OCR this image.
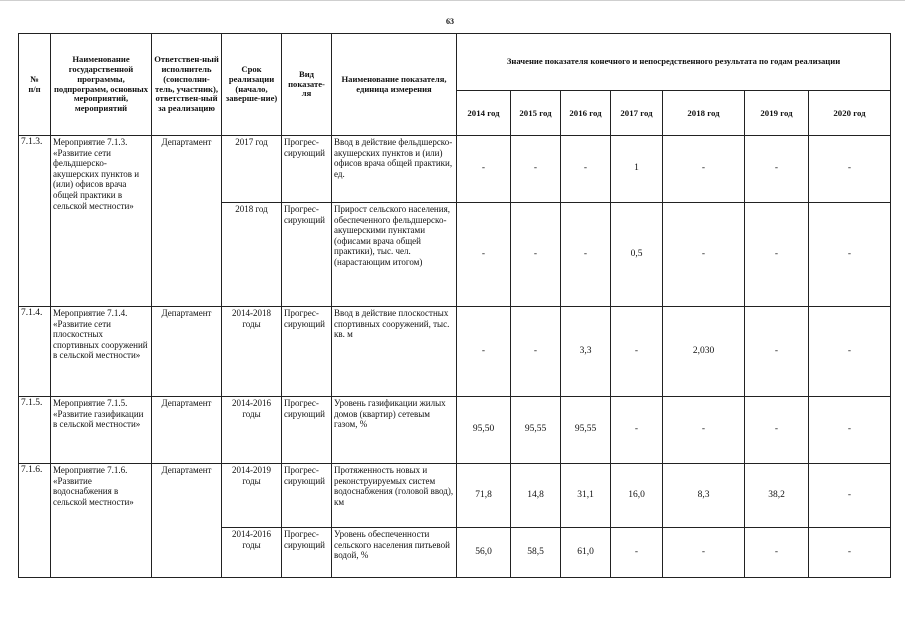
63
№
п/п	Наименование государственной программы, подпрограмм, основных мероприятий, мероприятий	Ответствен-ный исполнитель (соисполни-тель, участник), ответствен-ный за реализацию	Срок реализации (начало, заверше-ние)	Вид показате-ля	Наименование показателя, единица измерения	Значение показателя конечного и непосредственного результата по годам реализации						
						2014 год	2015 год	2016 год	2017 год	2018 год	2019 год	2020 год
7.1.3.	Мероприятие 7.1.3. «Развитие сети фельдшерско-акушерских пунктов и (или) офисов врача общей практики в сельской местности»	Департамент	2017 год	Прогрес-сирующий	Ввод в действие фельдшерско-акушерских пунктов и (или) офисов врача общей практики, ед.	-	-	-	1	-	-	-
			2018 год	Прогрес-сирующий	Прирост сельского населения, обеспеченного фельдшерско-акушерскими пунктами (офисами врача общей практики), тыс. чел. (нарастающим итогом)	-	-	-	0,5	-	-	-
7.1.4.	Мероприятие 7.1.4. «Развитие сети плоскостных спортивных сооружений в сельской местности»	Департамент	2014-2018 годы	Прогрес-сирующий	Ввод в действие плоскостных спортивных сооружений, тыс. кв. м	-	-	3,3	-	2,030	-	-
7.1.5.	Мероприятие 7.1.5. «Развитие газификации в сельской местности»	Департамент	2014-2016 годы	Прогрес-сирующий	Уровень газификации жилых домов (квартир) сетевым газом, %	95,50	95,55	95,55	-	-	-	-
7.1.6.	Мероприятие 7.1.6. «Развитие водоснабжения в сельской местности»	Департамент	2014-2019 годы	Прогрес-сирующий	Протяженность новых и реконструируемых систем водоснабжения (головой ввод), км	71,8	14,8	31,1	16,0	8,3	38,2	-
			2014-2016 годы	Прогрес-сирующий	Уровень обеспеченности сельского населения питьевой водой, %	56,0	58,5	61,0	-	-	-	-
